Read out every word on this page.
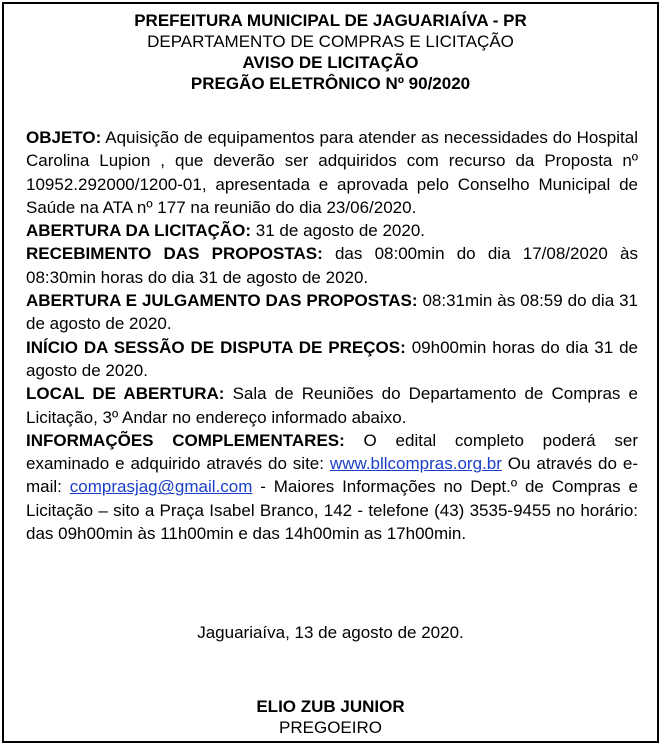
PREFEITURA MUNICIPAL DE JAGUARIAÍVA - PR
DEPARTAMENTO DE COMPRAS E LICITAÇÃO
AVISO DE LICITAÇÃO
PREGÃO ELETRÔNICO Nº 90/2020

OBJETO: Aquisição de equipamentos para atender as necessidades do Hospital Carolina Lupion , que deverão ser adquiridos com recurso da Proposta nº 10952.292000/1200-01, apresentada e aprovada pelo Conselho Municipal de Saúde na ATA nº 177 na reunião do dia 23/06/2020.

ABERTURA DA LICITAÇÃO: 31 de agosto de 2020.

RECEBIMENTO DAS PROPOSTAS: das 08:00min do dia 17/08/2020 às 08:30min horas do dia 31 de agosto de 2020.

ABERTURA E JULGAMENTO DAS PROPOSTAS: 08:31min às 08:59 do dia 31 de agosto de 2020.

INÍCIO DA SESSÃO DE DISPUTA DE PREÇOS: 09h00min horas do dia 31 de agosto de 2020.

LOCAL DE ABERTURA: Sala de Reuniões do Departamento de Compras e Licitação, 3º Andar no endereço informado abaixo.

INFORMAÇÕES COMPLEMENTARES: O edital completo poderá ser examinado e adquirido através do site: www.bllcompras.org.br Ou através do e-mail: comprasjag@gmail.com - Maiores Informações no Dept.º de Compras e Licitação – sito a Praça Isabel Branco, 142 - telefone (43) 3535-9455 no horário: das 09h00min às 11h00min e das 14h00min as 17h00min.

Jaguariaíva, 13 de agosto de 2020.
ELIO ZUB JUNIOR
PREGOEIRO
